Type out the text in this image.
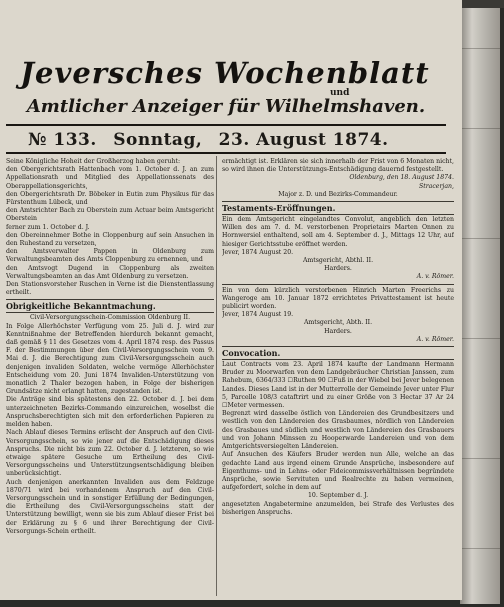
Jeversches Wochenblatt
und
Amtlicher Anzeiger für Wilhelmshaven.
№ 133. Sonntag, 23. August 1874.

Seine Königliche Hoheit der Großherzog haben geruht:

den Obergerichtsrath Hattenbach vom 1. October d. J. an zum Appellationsrath und Mitglied des Appellationssenats des Oberappellationsgerichts,

den Obergerichtsrath Dr. Böbeker in Eutin zum Physikus für das Fürstenthum Lübeck, und

den Amtsrichter Bach zu Oberstein zum Actuar beim Amtsgericht Oberstein

ferner zum 1. October d. J.

den Obereinnehmer Bothe in Cloppenburg auf sein Ansuchen in den Ruhestand zu versetzen,

den Amtsverwalter Pappen in Oldenburg zum Verwaltungsbeamten des Amts Cloppenburg zu ernennen, und

den Amtsvogt Dugend in Cloppenburg als zweiten Verwaltungsbeamten an das Amt Oldenburg zu versetzen.

Den Stationsvorsteher Ruschen in Verne ist die Dienstentlassung ertheilt.

Obrigkeitliche Bekanntmachung.

Civil-Versorgungsschein-Commission Oldenburg II.

In Folge Allerhöchster Verfügung vom 25. Juli d. J. wird zur Kenntnißnahme der Betreffenden hierdurch bekannt gemacht, daß gemäß § 11 des Gesetzes vom 4. April 1874 resp. des Passus F. der Bestimmungen über den Civil-Versorgungsschein vom 9. Mai d. J. die Berechtigung zum Civil-Versorgungsschein auch denjenigen invaliden Soldaten, welche vermöge Allerhöchster Entscheidung vom 20. Juni 1874 Invaliden-Unterstützung von monatlich 2 Thaler bezogen haben, in Folge der bisherigen Grundsätze nicht erlangt hatten, zugestanden ist.

Die Anträge sind bis spätestens den 22. October d. J. bei dem unterzeichneten Bezirks-Commando einzureichen, woselbst die Anspruchsberechtigten sich mit den erforderlichen Papieren zu melden haben.

Nach Ablauf dieses Termins erlischt der Anspruch auf den Civil-Versorgungsschein, so wie jener auf die Entschädigung dieses Anspruchs. Die nicht bis zum 22. October d. J. letzteren, so wie etwaige spätere Gesuche um Ertheilung des Civil-Versorgungsscheins und Unterstützungsentschädigung bleiben unberücksichtigt.

Auch denjenigen anerkannten Invaliden aus dem Feldzuge 1870/71 wird bei vorhandenem Anspruch auf den Civil-Versorgungsschein und in sonstiger Erfüllung der Bedingungen, die Ertheilung des Civil-Versorgungsscheins statt der Unterstützung bewilligt, wenn sie bis zum Ablauf dieser Frist bei der Erklärung zu § 6 und ihrer Berechtigung der Civil-Versorgungs-Schein ertheilt.

ermächtigt ist. Erklären sie sich innerhalb der Frist von 6 Monaten nicht, so wird ihnen die Unterstützungs-Entschädigung dauernd festgestellt.

Oldenburg, den 18. August 1874.

Stracerjan,

Major z. D. und Bezirks-Commandeur.

Testaments-Eröffnungen.

Ein dem Amtsgericht eingelandtes Convolut, angeblich den letzten Willen des am 7. d. M. verstorbenen Proprietairs Marten Onnen zu Hornwersiel enthaltend, soll am 4. September d. J., Mittags 12 Uhr, auf hiesiger Gerichtsstube eröffnet werden.

Jever, 1874 August 20.

Amtsgericht, Abthl. II.

Harders.

A. v. Römer.

Ein von dem kürzlich verstorbenen Hinrich Marten Freerichs zu Wangeroge am 10. Januar 1872 errichtetes Privattestament ist heute publicirt worden.

Jever, 1874 August 19.

Amtsgericht, Abth. II.

Harders.

A. v. Römer.

Convocation.

Laut Contracts vom 23. April 1874 kaufte der Landmann Hermann Bruder zu Moorwarfen von dem Landgebräucher Christian Janssen, zum Rahebum, 6364/333 ☐Ruthen 90 ☐Fuß in der Wiebel bei Jever belegenen Landes. Dieses Land ist in der Mutterrolle der Gemeinde Jever unter Flur 5, Parcelle 108/3 cataftrirt und zu einer Größe von 3 Hectar 37 Ar 24 ☐Meter vermessen.

Begrenzt wird dasselbe östlich von Ländereien des Grundbesitzers und westlich von den Ländereien des Grasbaumes, nördlich von Ländereien des Grasbaues und südlich und westlich von Ländereien des Grasbauers und von Johann Minssen zu Hooperwarde Landereien und von dem Amtgerichtsversiegelten Ländereien.

Auf Ansuchen des Käufers Bruder werden nun Alle, welche an das gedachte Land aus irgend einem Grunde Ansprüche, insbesondere auf Eigenthums- und in Lehns- oder Fideicommissverhältnissen begründete Ansprüche, sowie Servituten und Realrechte zu haben vermeinen, aufgefordert, solche in dem auf

10. September d. J.

angesetzten Angabetermine anzumelden, bei Strafe des Verlustes des bisherigen Anspruchs.
